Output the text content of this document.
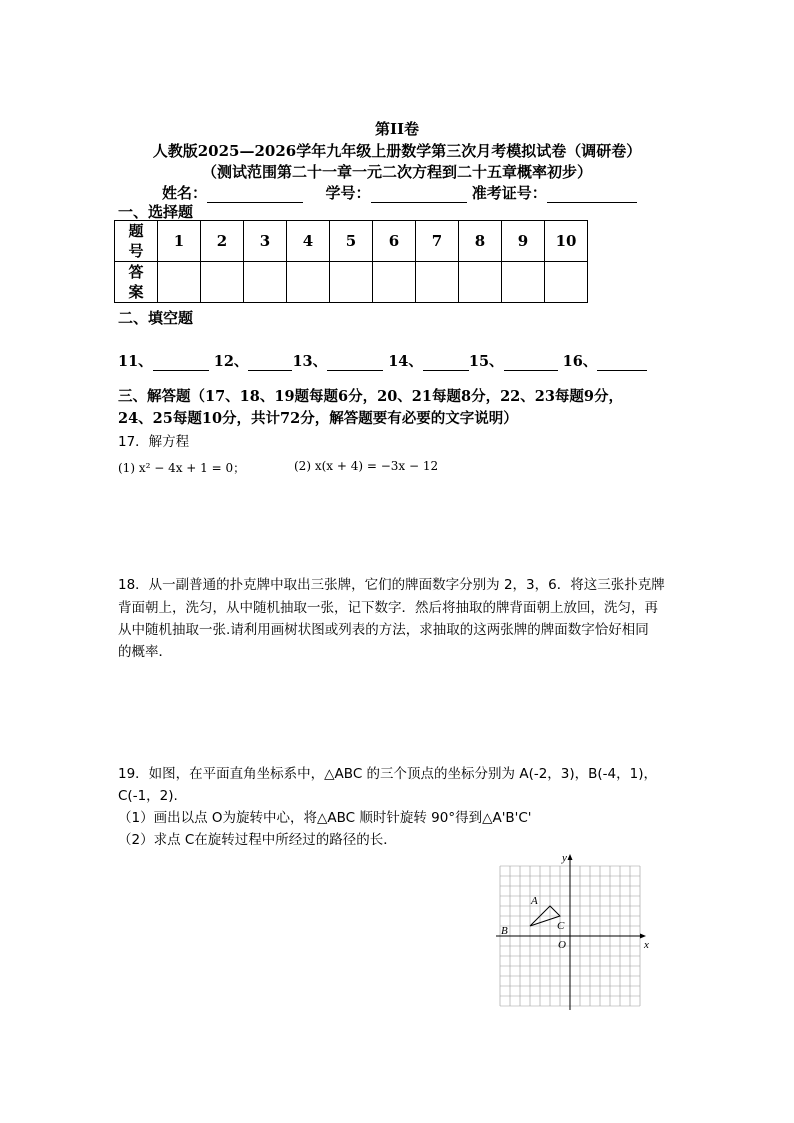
第II卷
人教版2025—2026学年九年级上册数学第三次月考模拟试卷（调研卷）
（测试范围第二十一章一元二次方程到二十五章概率初步）
姓名：	学号：	准考证号：
一、选择题
题
号	1	2	3	4	5	6	7	8	9	10
答
案										
二、填空题
11、	12、	13、	14、	15、	16、
三、解答题（17、18、19题每题6分，20、21每题8分，22、23每题9分，
24、25每题10分，共计72分，解答题要有必要的文字说明）
17．解方程
(1) x² − 4x + 1 = 0；	(2) x(x + 4) = −3x − 12
18．从一副普通的扑克牌中取出三张牌，它们的牌面数字分别为 2，3，6．将这三张扑克牌
背面朝上，洗匀，从中随机抽取一张，记下数字．然后将抽取的牌背面朝上放回，洗匀，再
从中随机抽取一张.请利用画树状图或列表的方法，求抽取的这两张牌的牌面数字恰好相同
的概率．
19．如图，在平面直角坐标系中，△ABC 的三个顶点的坐标分别为 A(-2，3)，B(-4，1)，
C(-1，2).
（1）画出以点 O为旋转中心，将△ABC 顺时针旋转 90°得到△A'B'C'
（2）求点 C在旋转过程中所经过的路径的长．
y
x
O
A
B	C
